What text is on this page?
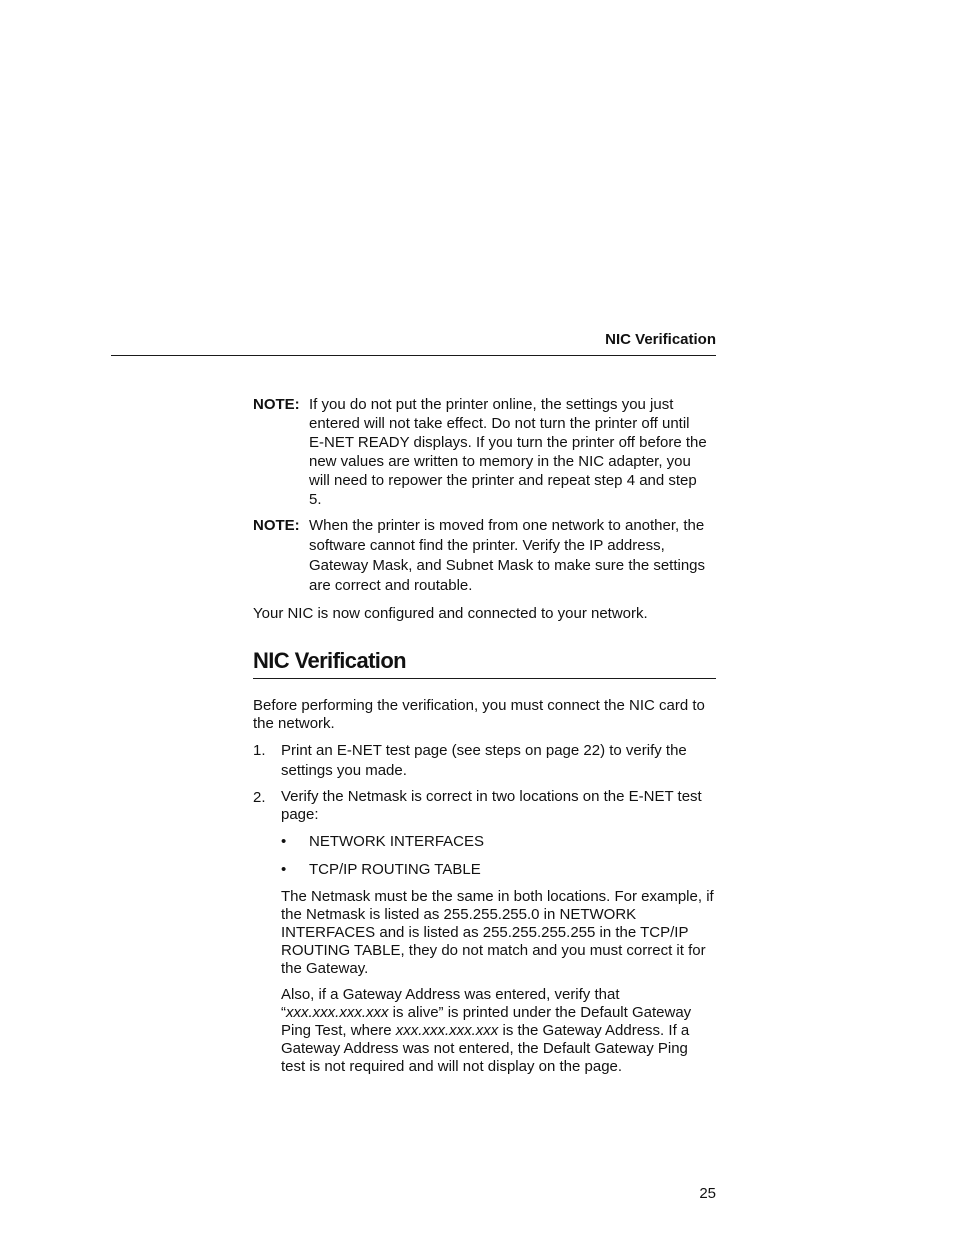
NIC Verification
NOTE: If you do not put the printer online, the settings you just entered will not take effect. Do not turn the printer off until E-NET READY displays. If you turn the printer off before the new values are written to memory in the NIC adapter, you will need to repower the printer and repeat step 4 and step 5.
NOTE: When the printer is moved from one network to another, the software cannot find the printer. Verify the IP address, Gateway Mask, and Subnet Mask to make sure the settings are correct and routable.

Your NIC is now configured and connected to your network.

NIC Verification

Before performing the verification, you must connect the NIC card to the network.

1.	Print an E-NET test page (see steps on page 22) to verify the settings you made.
2.	Verify the Netmask is correct in two locations on the E-NET test page:
•	NETWORK INTERFACES
•	TCP/IP ROUTING TABLE

The Netmask must be the same in both locations. For example, if the Netmask is listed as 255.255.255.0 in NETWORK INTERFACES and is listed as 255.255.255.255 in the TCP/IP ROUTING TABLE, they do not match and you must correct it for the Gateway.

Also, if a Gateway Address was entered, verify that “xxx.xxx.xxx.xxx is alive” is printed under the Default Gateway Ping Test, where xxx.xxx.xxx.xxx is the Gateway Address. If a Gateway Address was not entered, the Default Gateway Ping test is not required and will not display on the page.

25
